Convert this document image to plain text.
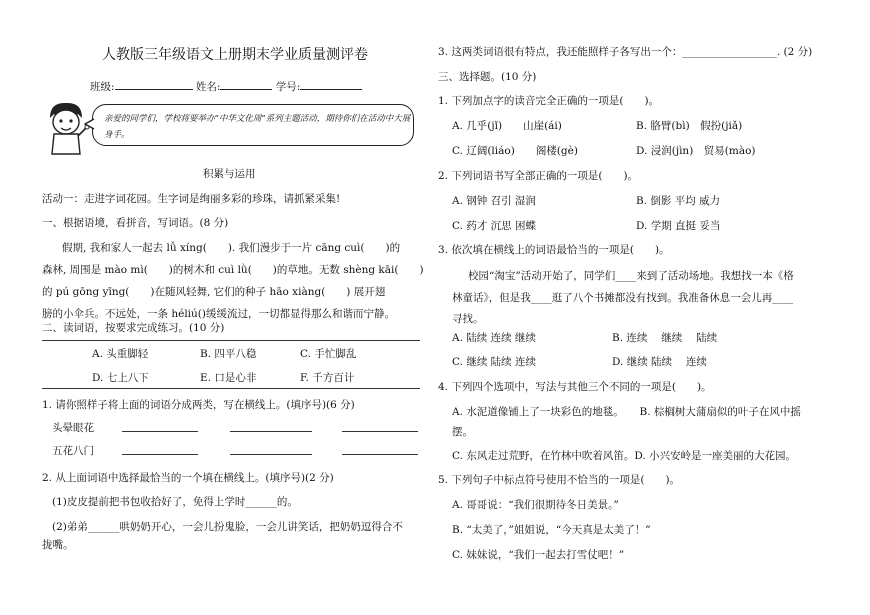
人教版三年级语文上册期末学业质量测评卷
班级:	姓名:	学号:
亲爱的同学们，学校将要举办“中华文化周”系列主题活动，期待你们在活动中大展身手。
积累与运用
活动一：走进字词花园。生字词是绚丽多彩的珍珠，请抓紧采集!
一、根据语境，看拼音，写词语。(8 分)
假期, 我和家人一起去 lǚ xíng(　　). 我们漫步于一片 cāng cuì(　　)的
森林, 周围是 mào mì(　　)的树木和 cuì lǜ(　　)的草地。无数 shèng kāi(　　)
的 pú gōng yīng(　　)在随风轻舞, 它们的种子 hāo xiàng(　　) 展开翅
膀的小伞兵。不远处，一条 héliú()缓缓流过，一切都显得那么和谐而宁静。
二、读词语，按要求完成练习。(10 分)
A. 头重脚轻	B. 四平八稳	C. 手忙脚乱
D. 七上八下	E. 口是心非	F. 千方百计
1. 请你照样子将上面的词语分成两类，写在横线上。(填序号)(6 分)
头晕眼花
五花八门
2. 从上面词语中选择最恰当的一个填在横线上。(填序号)(2 分)
(1)皮皮提前把书包收拾好了，免得上学时______的。
(2)弟弟______哄奶奶开心，一会儿扮鬼脸，一会儿讲笑话，把奶奶逗得合不
拢嘴。
3. 这两类词语很有特点，我还能照样子各写出一个：__________________. (2 分)
三、选择题。(10 分)
1. 下列加点字的读音完全正确的一项是(　　)。
A. 几乎(jǐ)　　山崖(ái)	B. 胳臂(bì)　假扮(jiǎ)
C. 辽阔(liáo)　　阁楼(gè)	D. 浸润(jìn)　贸易(mào)
2. 下列词语书写全部正确的一项是(　　)。
A. 钢钟 召引 湿润	B. 倒影 平均 威力
C. 药才 沉思 困蝶	D. 学期 直挺 妥当
3. 依次填在横线上的词语最恰当的一项是(　　)。
校园“淘宝”活动开始了，同学们____来到了活动场地。我想找一本《格
林童话》，但是我____逛了八个书摊都没有找到。我准备休息一会儿再____
寻找。
A. 陆续 连续 继续	B. 连续　 继续　 陆续
C. 继续 陆续 连续	D. 继续 陆续　 连续
4. 下列四个选项中，写法与其他三个不同的一项是(　　)。
A. 水泥道像铺上了一块彩色的地毯。　　B. 棕榈树大蒲扇似的叶子在风中摇
摆。
C. 东风走过荒野，在竹林中吹着风笛。D. 小兴安岭是一座美丽的大花园。
5. 下列句子中标点符号使用不恰当的一项是(　　)。
A. 哥哥说：“我们很期待冬日美景。”
B. “太美了，”姐姐说，“今天真是太美了！”
C. 妹妹说，“我们一起去打雪仗吧！”
